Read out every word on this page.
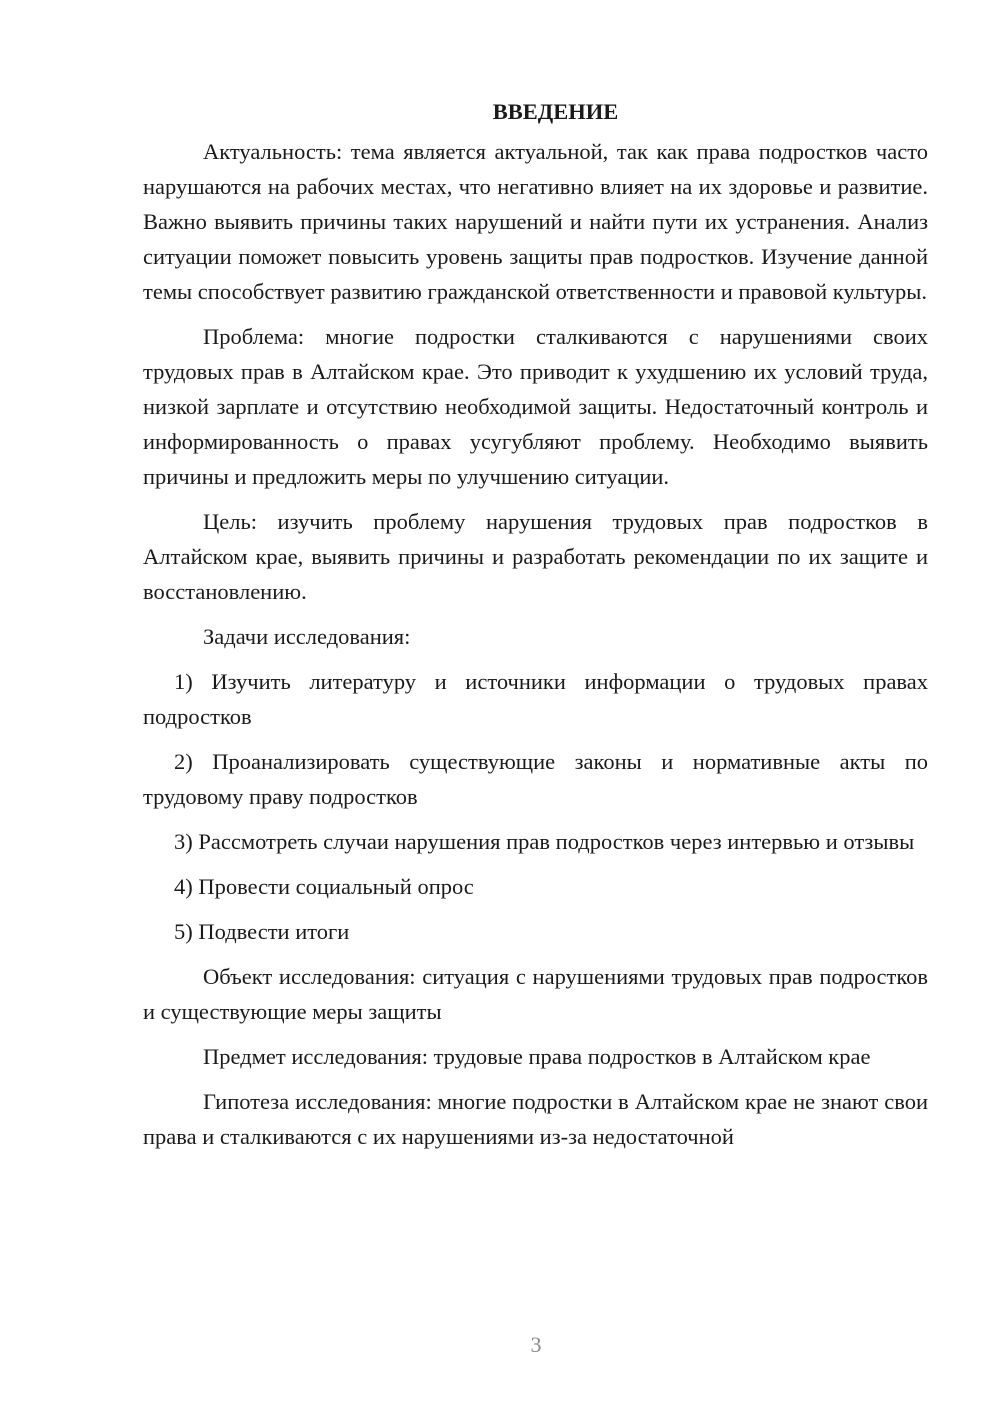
ВВЕДЕНИЕ

Актуальность: тема является актуальной, так как права подростков часто нарушаются на рабочих местах, что негативно влияет на их здоровье и развитие. Важно выявить причины таких нарушений и найти пути их устранения. Анализ ситуации поможет повысить уровень защиты прав подростков. Изучение данной темы способствует развитию гражданской ответственности и правовой культуры.

Проблема: многие подростки сталкиваются с нарушениями своих трудовых прав в Алтайском крае. Это приводит к ухудшению их условий труда, низкой зарплате и отсутствию необходимой защиты. Недостаточный контроль и информированность о правах усугубляют проблему. Необходимо выявить причины и предложить меры по улучшению ситуации.

Цель: изучить проблему нарушения трудовых прав подростков в Алтайском крае, выявить причины и разработать рекомендации по их защите и восстановлению.

Задачи исследования:

1) Изучить литературу и источники информации о трудовых правах подростков

2) Проанализировать существующие законы и нормативные акты по трудовому праву подростков

3) Рассмотреть случаи нарушения прав подростков через интервью и отзывы

4) Провести социальный опрос

5) Подвести итоги

Объект исследования: ситуация с нарушениями трудовых прав подростков и существующие меры защиты

Предмет исследования: трудовые права подростков в Алтайском крае

Гипотеза исследования: многие подростки в Алтайском крае не знают свои права и сталкиваются с их нарушениями из-за недостаточной

3
